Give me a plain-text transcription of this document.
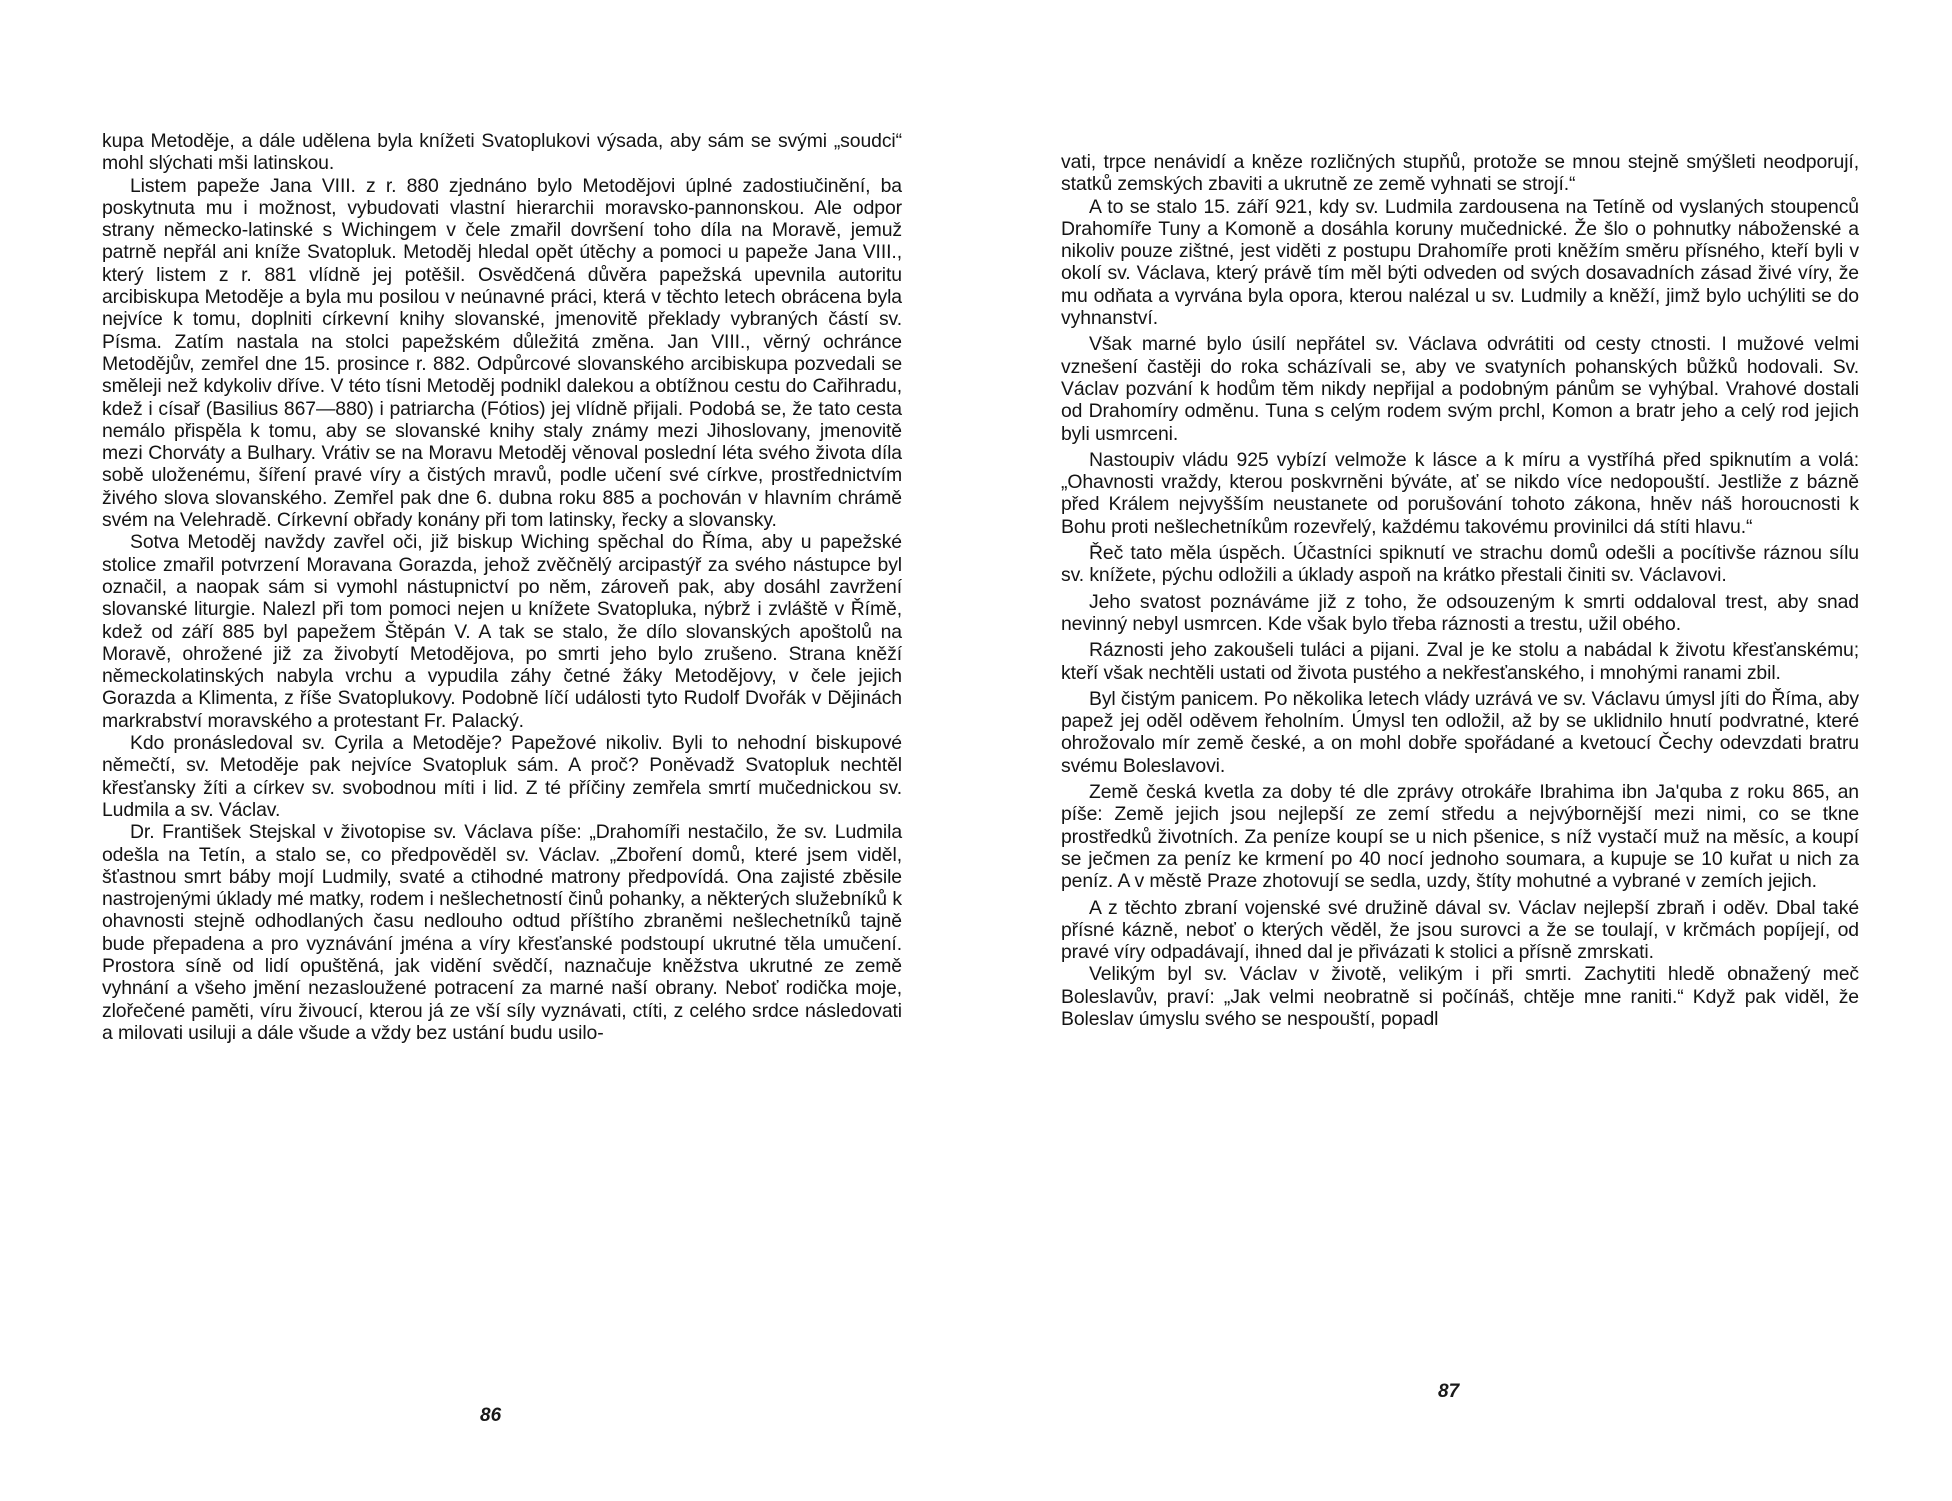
kupa Metoděje, a dále udělena byla knížeti Svatoplukovi výsada, aby sám se svými „soudci“ mohl slýchati mši latinskou.

Listem papeže Jana VIII. z r. 880 zjednáno bylo Metodějovi úplné zadostiučinění, ba poskytnuta mu i možnost, vybudovati vlastní hierarchii moravsko-pannonskou. Ale odpor strany německo-latinské s Wichingem v čele zmařil dovršení toho díla na Moravě, jemuž patrně nepřál ani kníže Svatopluk. Metoděj hledal opět útěchy a pomoci u papeže Jana VIII., který listem z r. 881 vlídně jej potěšil. Osvědčená důvěra papežská upevnila autoritu arcibiskupa Metoděje a byla mu posilou v neúnavné práci, která v těchto letech obrácena byla nejvíce k tomu, doplniti církevní knihy slovanské, jmenovitě překlady vybraných částí sv. Písma. Zatím nastala na stolci papežském důležitá změna. Jan VIII., věrný ochránce Metodějův, zemřel dne 15. prosince r. 882. Odpůrcové slovanského arcibiskupa pozvedali se směleji než kdykoliv dříve. V této tísni Metoděj podnikl dalekou a obtížnou cestu do Cařihradu, kdež i císař (Basilius 867—880) i patriarcha (Fótios) jej vlídně přijali. Podobá se, že tato cesta nemálo přispěla k tomu, aby se slovanské knihy staly známy mezi Jihoslovany, jmenovitě mezi Chorváty a Bulhary. Vrátiv se na Moravu Metoděj věnoval poslední léta svého života díla sobě uloženému, šíření pravé víry a čistých mravů, podle učení své církve, prostřednictvím živého slova slovanského. Zemřel pak dne 6. dubna roku 885 a pochován v hlavním chrámě svém na Velehradě. Církevní obřady konány při tom latinsky, řecky a slovansky.

Sotva Metoděj navždy zavřel oči, již biskup Wiching spěchal do Říma, aby u papežské stolice zmařil potvrzení Moravana Gorazda, jehož zvěčnělý arcipastýř za svého nástupce byl označil, a naopak sám si vymohl nástupnictví po něm, zároveň pak, aby dosáhl zavržení slovanské liturgie. Nalezl při tom pomoci nejen u knížete Svatopluka, nýbrž i zvláště v Římě, kdež od září 885 byl papežem Štěpán V. A tak se stalo, že dílo slovanských apoštolů na Moravě, ohrožené již za živobytí Metodějova, po smrti jeho bylo zrušeno. Strana kněží německolatinských nabyla vrchu a vypudila záhy četné žáky Metodějovy, v čele jejich Gorazda a Klimenta, z říše Svatoplukovy. Podobně líčí události tyto Rudolf Dvořák v Dějinách markrabství moravského a protestant Fr. Palacký.

Kdo pronásledoval sv. Cyrila a Metoděje? Papežové nikoliv. Byli to nehodní biskupové němečtí, sv. Metoděje pak nejvíce Svatopluk sám. A proč? Poněvadž Svatopluk nechtěl křesťansky žíti a církev sv. svobodnou míti i lid. Z té příčiny zemřela smrtí mučednickou sv. Ludmila a sv. Václav.

Dr. František Stejskal v životopise sv. Václava píše: „Drahomíři nestačilo, že sv. Ludmila odešla na Tetín, a stalo se, co předpověděl sv. Václav. „Zboření domů, které jsem viděl, šťastnou smrt báby mojí Ludmily, svaté a ctihodné matrony předpovídá. Ona zajisté zběsile nastrojenými úklady mé matky, rodem i nešlechetností činů pohanky, a některých služebníků k ohavnosti stejně odhodlaných času nedlouho odtud příštího zbraněmi nešlechetníků tajně bude přepadena a pro vyznávání jména a víry křesťanské podstoupí ukrutné těla umučení. Prostora síně od lidí opuštěná, jak vidění svědčí, naznačuje kněžstva ukrutné ze země vyhnání a všeho jmění nezasloužené potracení za marné naší obrany. Neboť rodička moje, zlořečené paměti, víru živoucí, kterou já ze vší síly vyznávati, ctíti, z celého srdce následovati a milovati usiluji a dále všude a vždy bez ustání budu usilo-

86

vati, trpce nenávidí a kněze rozličných stupňů, protože se mnou stejně smýšleti neodporují, statků zemských zbaviti a ukrutně ze země vyhnati se strojí.“

A to se stalo 15. září 921, kdy sv. Ludmila zardousena na Tetíně od vyslaných stoupenců Drahomíře Tuny a Komoně a dosáhla koruny mučednické. Že šlo o pohnutky náboženské a nikoliv pouze zištné, jest viděti z postupu Drahomíře proti kněžím směru přísného, kteří byli v okolí sv. Václava, který právě tím měl býti odveden od svých dosavadních zásad živé víry, že mu odňata a vyrvána byla opora, kterou nalézal u sv. Ludmily a kněží, jimž bylo uchýliti se do vyhnanství.

Však marné bylo úsilí nepřátel sv. Václava odvrátiti od cesty ctnosti. I mužové velmi vznešení častěji do roka scházívali se, aby ve svatyních pohanských bůžků hodovali. Sv. Václav pozvání k hodům těm nikdy nepřijal a podobným pánům se vyhýbal. Vrahové dostali od Drahomíry odměnu. Tuna s celým rodem svým prchl, Komon a bratr jeho a celý rod jejich byli usmrceni.

Nastoupiv vládu 925 vybízí velmože k lásce a k míru a vystříhá před spiknutím a volá: „Ohavnosti vraždy, kterou poskvrněni býváte, ať se nikdo více nedopouští. Jestliže z bázně před Králem nejvyšším neustanete od porušování tohoto zákona, hněv náš horoucnosti k Bohu proti nešlechetníkům rozevřelý, každému takovému provinilci dá stíti hlavu.“

Řeč tato měla úspěch. Účastníci spiknutí ve strachu domů odešli a pocítivše ráznou sílu sv. knížete, pýchu odložili a úklady aspoň na krátko přestali činiti sv. Václavovi.

Jeho svatost poznáváme již z toho, že odsouzeným k smrti oddaloval trest, aby snad nevinný nebyl usmrcen. Kde však bylo třeba ráznosti a trestu, užil obého.

Ráznosti jeho zakoušeli tuláci a pijani. Zval je ke stolu a nabádal k životu křesťanskému; kteří však nechtěli ustati od života pustého a nekřesťanského, i mnohými ranami zbil.

Byl čistým panicem. Po několika letech vlády uzrává ve sv. Václavu úmysl jíti do Říma, aby papež jej oděl oděvem řeholním. Úmysl ten odložil, až by se uklidnilo hnutí podvratné, které ohrožovalo mír země české, a on mohl dobře spořádané a kvetoucí Čechy odevzdati bratru svému Boleslavovi.

Země česká kvetla za doby té dle zprávy otrokáře Ibrahima ibn Ja'quba z roku 865, an píše: Země jejich jsou nejlepší ze zemí středu a nejvýbornější mezi nimi, co se tkne prostředků životních. Za peníze koupí se u nich pšenice, s níž vystačí muž na měsíc, a koupí se ječmen za peníz ke krmení po 40 nocí jednoho soumara, a kupuje se 10 kuřat u nich za peníz. A v městě Praze zhotovují se sedla, uzdy, štíty mohutné a vybrané v zemích jejich.

A z těchto zbraní vojenské své družině dával sv. Václav nejlepší zbraň i oděv. Dbal také přísné kázně, neboť o kterých věděl, že jsou surovci a že se toulají, v krčmách popíjejí, od pravé víry odpadávají, ihned dal je přivázati k stolici a přísně zmrskati.

Velikým byl sv. Václav v životě, velikým i při smrti. Zachytiti hledě obnažený meč Boleslavův, praví: „Jak velmi neobratně si počínáš, chtěje mne raniti.“ Když pak viděl, že Boleslav úmyslu svého se nespouští, popadl

87
